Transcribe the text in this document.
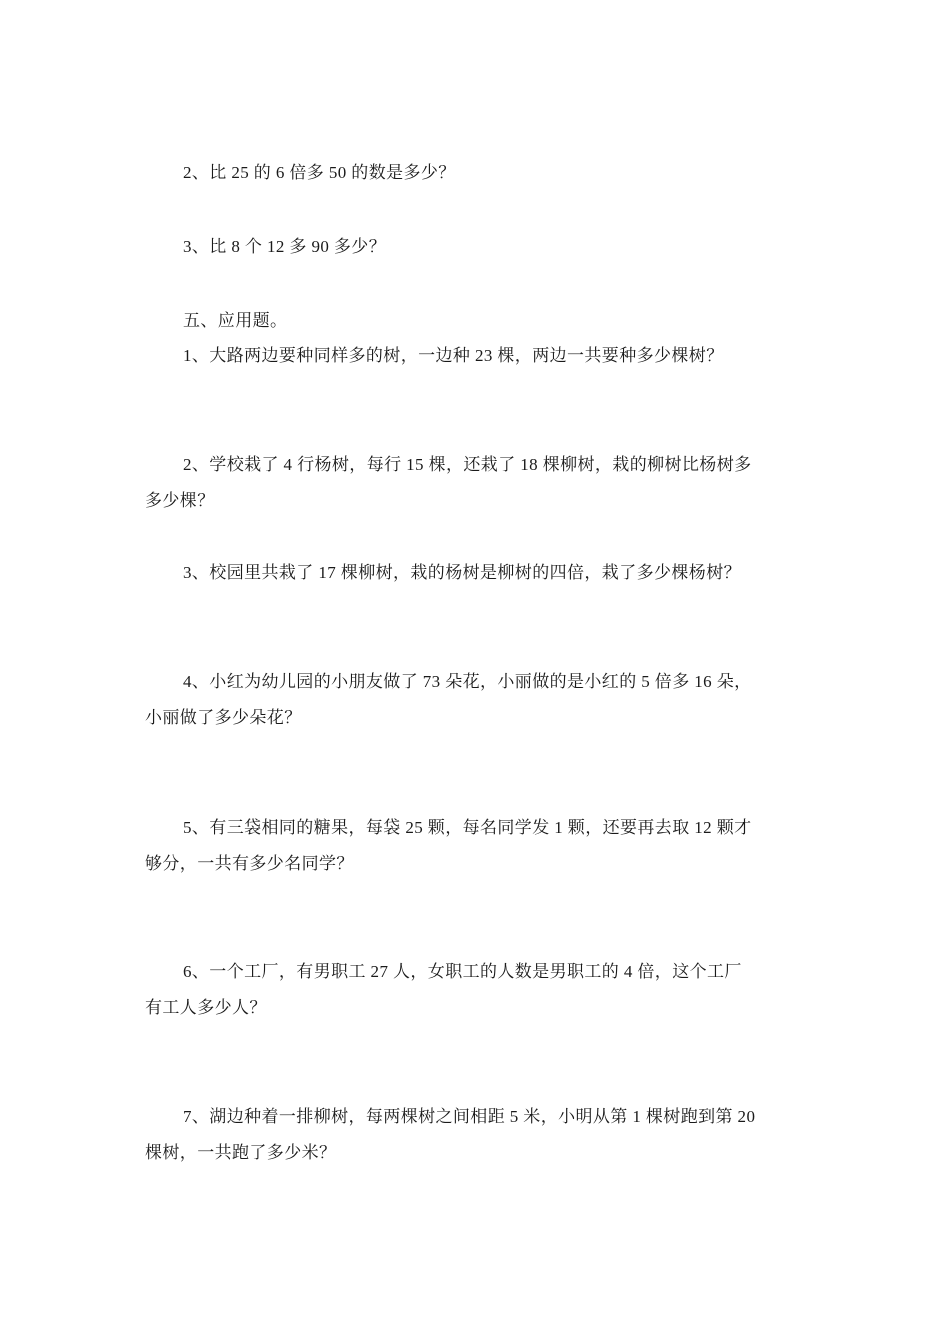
2、比 25 的 6 倍多 50 的数是多少？
3、比 8 个 12 多 90 多少？
五、应用题。
1、大路两边要种同样多的树，一边种 23 棵，两边一共要种多少棵树？
2、学校栽了 4 行杨树，每行 15 棵，还栽了 18 棵柳树，栽的柳树比杨树多
多少棵？
3、校园里共栽了 17 棵柳树，栽的杨树是柳树的四倍，栽了多少棵杨树？
4、小红为幼儿园的小朋友做了 73 朵花，小丽做的是小红的 5 倍多 16 朵，
小丽做了多少朵花？
5、有三袋相同的糖果，每袋 25 颗，每名同学发 1 颗，还要再去取 12 颗才
够分，一共有多少名同学？
6、一个工厂，有男职工 27 人，女职工的人数是男职工的 4 倍，这个工厂
有工人多少人？
7、湖边种着一排柳树，每两棵树之间相距 5 米，小明从第 1 棵树跑到第 20
棵树，一共跑了多少米？
